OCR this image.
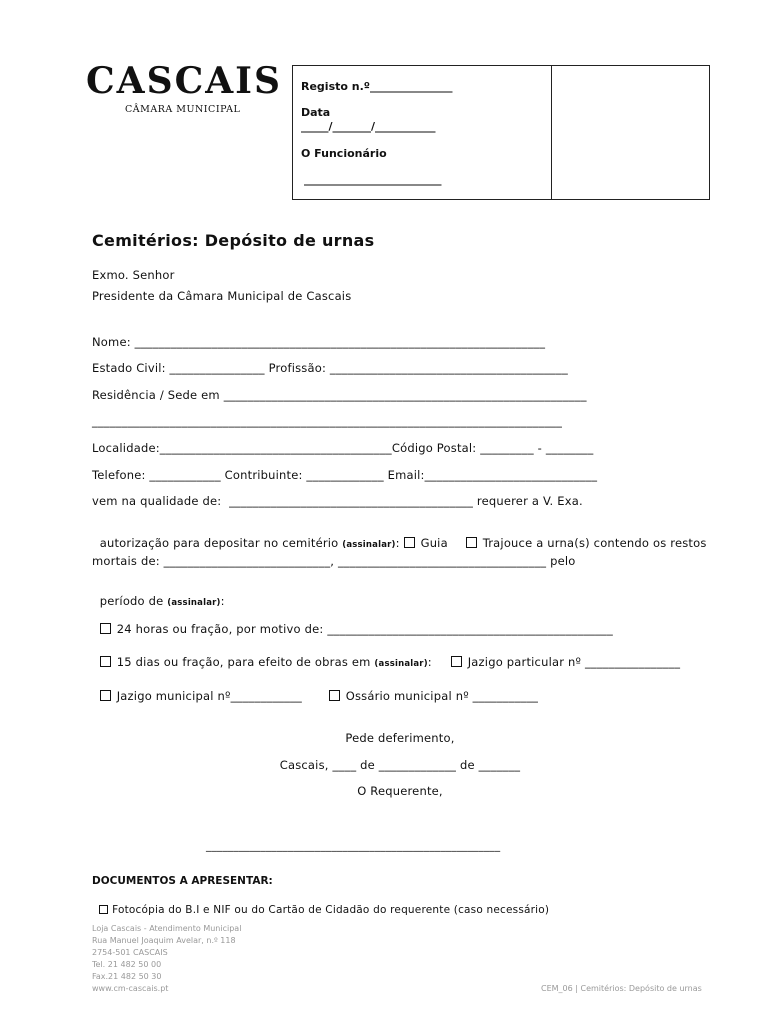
CASCAIS
CÂMARA MUNICIPAL
Registo n.º_______________
Data
_____/_______/___________
O Funcionário
_________________________
Cemitérios: Depósito de urnas
Exmo. Senhor
Presidente da Câmara Municipal de Cascais
Nome: _____________________________________________________________________
Estado Civil: ________________ Profissão: ________________________________________
Residência / Sede em _____________________________________________________________
_______________________________________________________________________________
Localidade:_______________________________________Código Postal: _________ - ________
Telefone: ____________ Contribuinte: _____________ Email:_____________________________
vem na qualidade de:  _________________________________________ requerer a V. Exa.

autorização para depositar no cemitério (assinalar): Guia	Trajouce a urna(s) contendo os restos

mortais de: ____________________________, ___________________________________ pelo

período de (assinalar):

24 horas ou fração, por motivo de: ________________________________________________

15 dias ou fração, para efeito de obras em (assinalar):	Jazigo particular nº ________________

Jazigo municipal nº____________	Ossário municipal nº ___________

Pede deferimento,
Cascais, ____ de _____________ de _______
O Requerente,
______________________________________________________
DOCUMENTOS A APRESENTAR:

Fotocópia do B.I e NIF ou do Cartão de Cidadão do requerente (caso necessário)

Loja Cascais - Atendimento Municipal
Rua Manuel Joaquim Avelar, n.º 118
2754-501 CASCAIS
Tel. 21 482 50 00
Fax.21 482 50 30
www.cm-cascais.pt	CEM_06 | Cemitérios: Depósito de urnas
